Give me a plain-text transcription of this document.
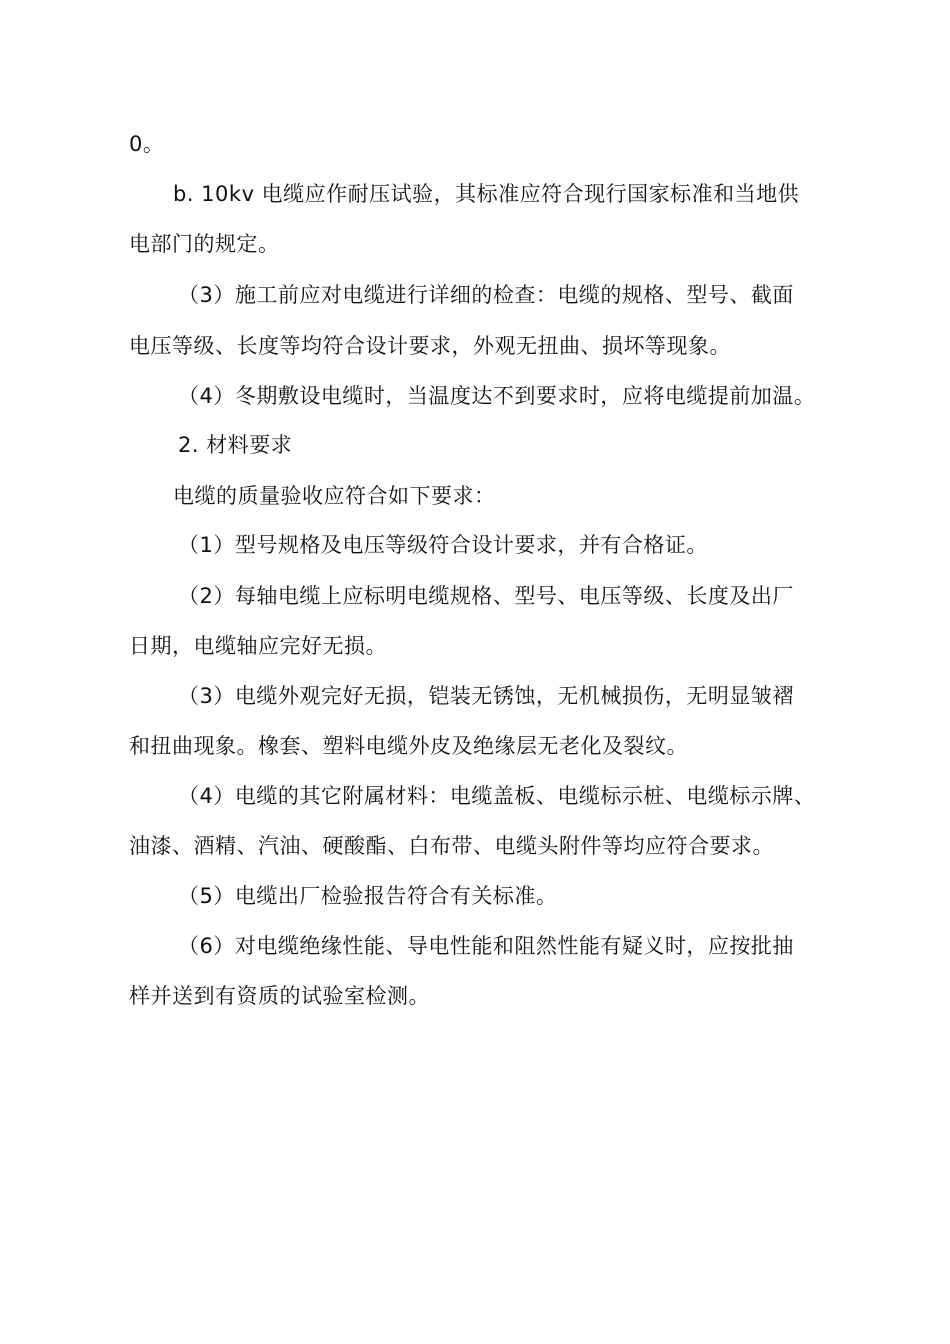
0。
b. 10kv 电缆应作耐压试验，其标准应符合现行国家标准和当地供
电部门的规定。
（3）施工前应对电缆进行详细的检查：电缆的规格、型号、截面
电压等级、长度等均符合设计要求，外观无扭曲、损坏等现象。
（4）冬期敷设电缆时，当温度达不到要求时，应将电缆提前加温。
2. 材料要求
电缆的质量验收应符合如下要求：
（1）型号规格及电压等级符合设计要求，并有合格证。
（2）每轴电缆上应标明电缆规格、型号、电压等级、长度及出厂
日期，电缆轴应完好无损。
（3）电缆外观完好无损，铠装无锈蚀，无机械损伤，无明显皱褶
和扭曲现象。橡套、塑料电缆外皮及绝缘层无老化及裂纹。
（4）电缆的其它附属材料：电缆盖板、电缆标示桩、电缆标示牌、
油漆、酒精、汽油、硬酸酯、白布带、电缆头附件等均应符合要求。
（5）电缆出厂检验报告符合有关标准。
（6）对电缆绝缘性能、导电性能和阻然性能有疑义时，应按批抽
样并送到有资质的试验室检测。
